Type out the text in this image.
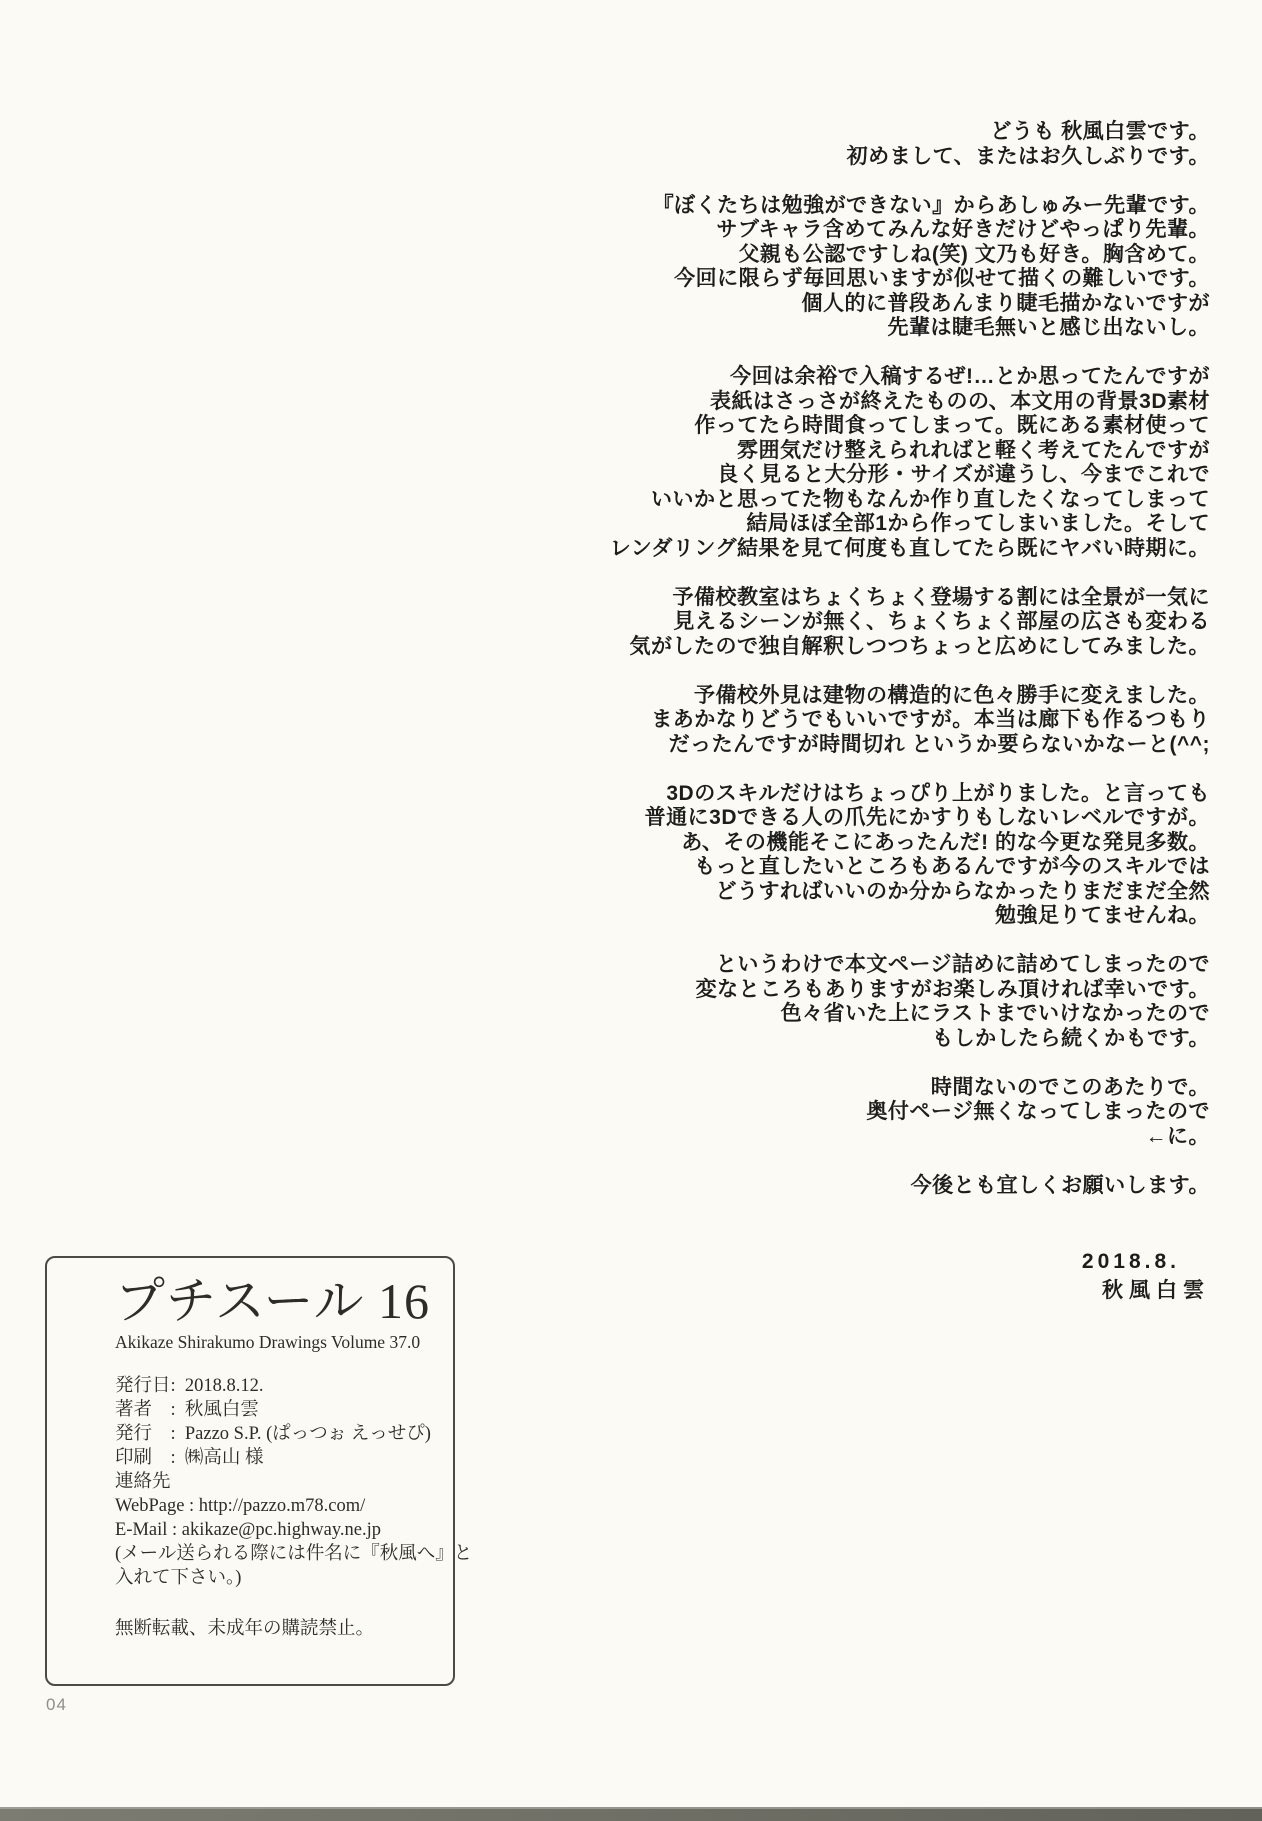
どうも 秋風白雲です。
初めまして、またはお久しぶりです。
『ぼくたちは勉強ができない』からあしゅみー先輩です。
サブキャラ含めてみんな好きだけどやっぱり先輩。
父親も公認ですしね(笑) 文乃も好き。胸含めて。
今回に限らず毎回思いますが似せて描くの難しいです。
個人的に普段あんまり睫毛描かないですが
先輩は睫毛無いと感じ出ないし。
今回は余裕で入稿するぜ!…とか思ってたんですが
表紙はさっさが終えたものの、本文用の背景3D素材
作ってたら時間食ってしまって。既にある素材使って
雰囲気だけ整えられればと軽く考えてたんですが
良く見ると大分形・サイズが違うし、今までこれで
いいかと思ってた物もなんか作り直したくなってしまって
結局ほぼ全部1から作ってしまいました。そして
レンダリング結果を見て何度も直してたら既にヤバい時期に。
予備校教室はちょくちょく登場する割には全景が一気に
見えるシーンが無く、ちょくちょく部屋の広さも変わる
気がしたので独自解釈しつつちょっと広めにしてみました。
予備校外見は建物の構造的に色々勝手に変えました。
まあかなりどうでもいいですが。本当は廊下も作るつもり
だったんですが時間切れ というか要らないかなーと(^^;
3Dのスキルだけはちょっぴり上がりました。と言っても
普通に3Dできる人の爪先にかすりもしないレベルですが。
あ、その機能そこにあったんだ! 的な今更な発見多数。
もっと直したいところもあるんですが今のスキルでは
どうすればいいのか分からなかったりまだまだ全然
勉強足りてませんね。
というわけで本文ページ詰めに詰めてしまったので
変なところもありますがお楽しみ頂ければ幸いです。
色々省いた上にラストまでいけなかったので
もしかしたら続くかもです。
時間ないのでこのあたりで。
奥付ページ無くなってしまったので
←に。
今後とも宜しくお願いします。
2018.8.
秋風白雲
プチスール 16
Akikaze Shirakumo Drawings Volume 37.0
発行日:  2018.8.12.
著者    :  秋風白雲
発行    :  Pazzo S.P. (ぱっつぉ えっせぴ)
印刷    :  ㈱高山 様
連絡先
WebPage : http://pazzo.m78.com/
E-Mail : akikaze@pc.highway.ne.jp
(メール送られる際には件名に『秋風へ』と
入れて下さい。)
無断転載、未成年の購読禁止。
04
